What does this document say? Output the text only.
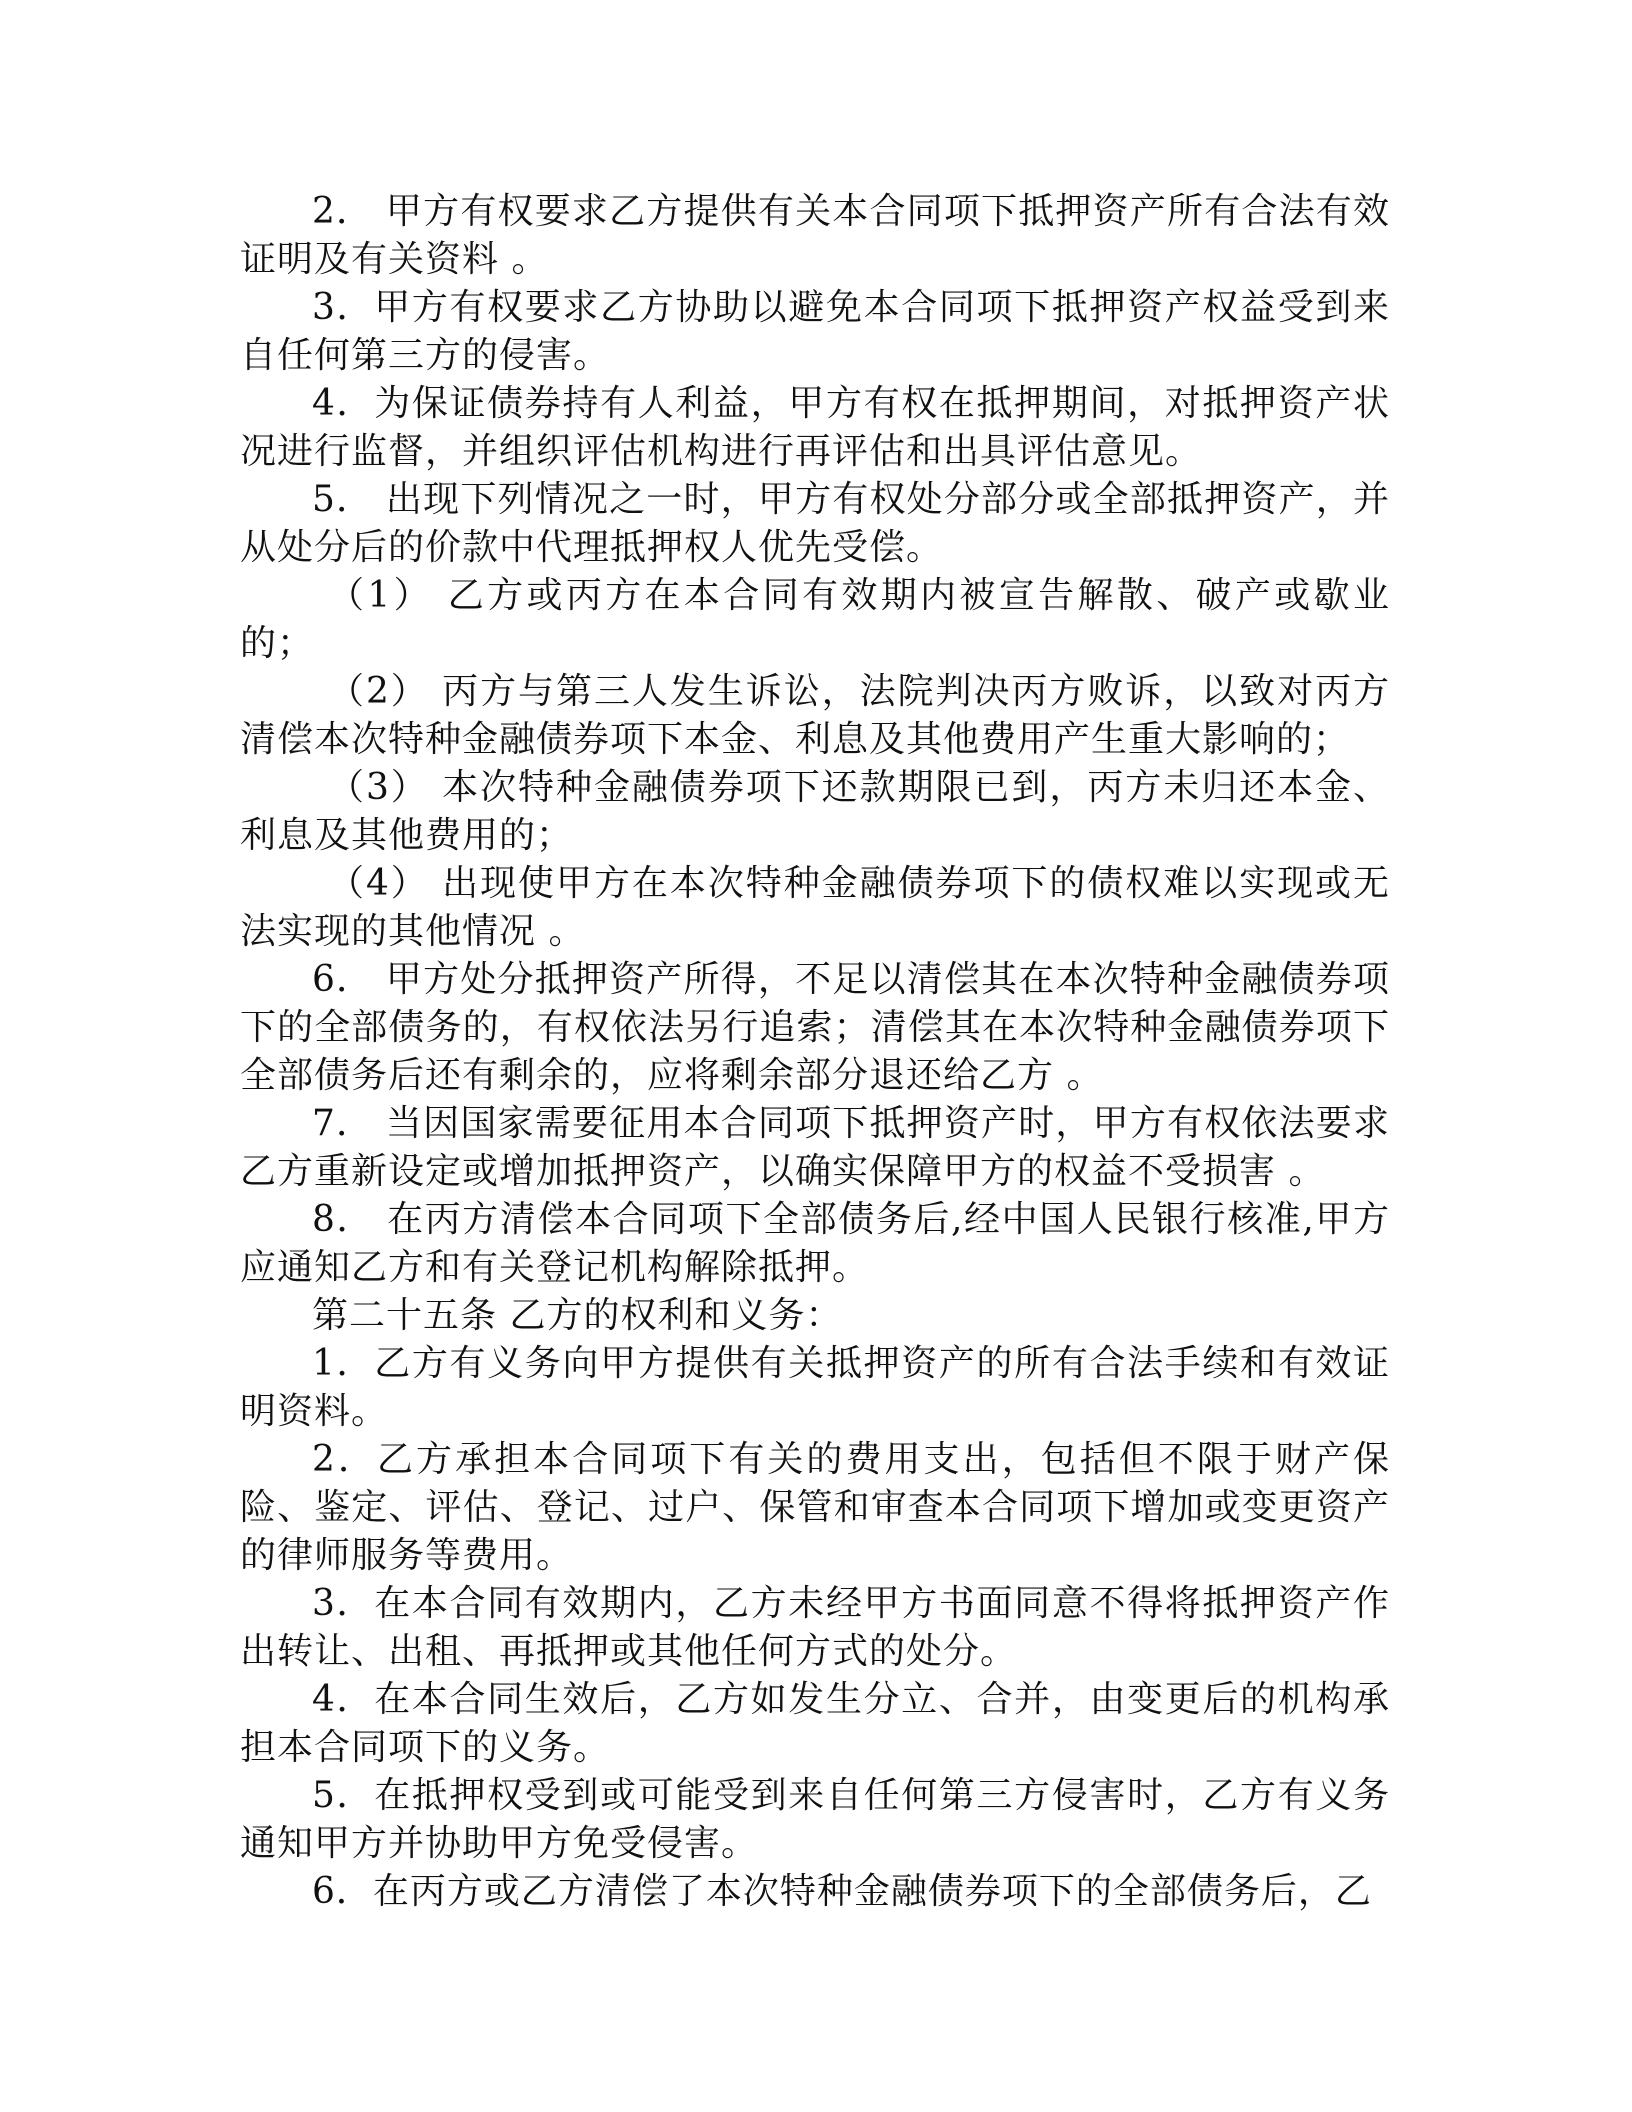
2． 甲方有权要求乙方提供有关本合同项下抵押资产所有合法有效证明及有关资料 。

3．甲方有权要求乙方协助以避免本合同项下抵押资产权益受到来自任何第三方的侵害。

4．为保证债券持有人利益，甲方有权在抵押期间，对抵押资产状况进行监督，并组织评估机构进行再评估和出具评估意见。

5． 出现下列情况之一时，甲方有权处分部分或全部抵押资产，并从处分后的价款中代理抵押权人优先受偿。

（1） 乙方或丙方在本合同有效期内被宣告解散、破产或歇业的；

（2） 丙方与第三人发生诉讼，法院判决丙方败诉，以致对丙方清偿本次特种金融债券项下本金、利息及其他费用产生重大影响的；

（3） 本次特种金融债券项下还款期限已到，丙方未归还本金、利息及其他费用的；

（4） 出现使甲方在本次特种金融债券项下的债权难以实现或无法实现的其他情况 。

6． 甲方处分抵押资产所得，不足以清偿其在本次特种金融债券项下的全部债务的，有权依法另行追索；清偿其在本次特种金融债券项下全部债务后还有剩余的，应将剩余部分退还给乙方 。

7． 当因国家需要征用本合同项下抵押资产时，甲方有权依法要求乙方重新设定或增加抵押资产，以确实保障甲方的权益不受损害 。

8． 在丙方清偿本合同项下全部债务后,经中国人民银行核准,甲方应通知乙方和有关登记机构解除抵押。

第二十五条 乙方的权利和义务：

1．乙方有义务向甲方提供有关抵押资产的所有合法手续和有效证明资料。

2．乙方承担本合同项下有关的费用支出，包括但不限于财产保险、鉴定、评估、登记、过户、保管和审查本合同项下增加或变更资产的律师服务等费用。

3．在本合同有效期内，乙方未经甲方书面同意不得将抵押资产作出转让、出租、再抵押或其他任何方式的处分。

4．在本合同生效后，乙方如发生分立、合并，由变更后的机构承担本合同项下的义务。

5．在抵押权受到或可能受到来自任何第三方侵害时，乙方有义务通知甲方并协助甲方免受侵害。

6．在丙方或乙方清偿了本次特种金融债券项下的全部债务后，乙
